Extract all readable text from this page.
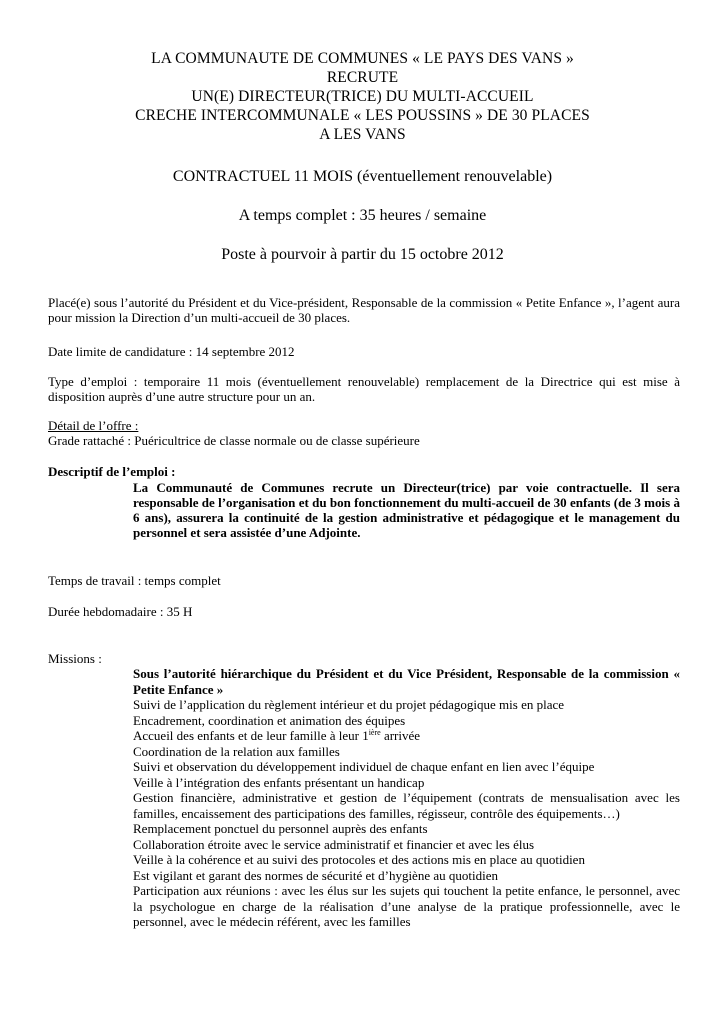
LA COMMUNAUTE DE COMMUNES « LE PAYS DES VANS »
RECRUTE
UN(E) DIRECTEUR(TRICE) DU MULTI-ACCUEIL
CRECHE INTERCOMMUNALE « LES POUSSINS » DE 30 PLACES
A LES VANS
CONTRACTUEL 11 MOIS (éventuellement renouvelable)
A temps complet : 35 heures / semaine
Poste à pourvoir à partir du 15 octobre 2012
Placé(e) sous l’autorité du Président et du Vice-président, Responsable de la commission « Petite Enfance », l’agent aura pour mission la Direction d’un multi-accueil de 30 places.
Date limite de candidature : 14 septembre 2012
Type d’emploi : temporaire 11 mois (éventuellement renouvelable) remplacement de la Directrice qui est mise à disposition auprès d’une autre structure pour un an.
Détail de l’offre :
Grade rattaché : Puéricultrice de classe normale ou de classe supérieure
Descriptif de l’emploi :
La Communauté de Communes recrute un Directeur(trice) par voie contractuelle. Il sera responsable de l’organisation et du bon fonctionnement du multi-accueil de 30 enfants (de 3 mois à 6 ans), assurera la continuité de la gestion administrative et pédagogique et le management du personnel et sera assistée d’une Adjointe.
Temps de travail : temps complet
Durée hebdomadaire : 35 H
Missions :
Sous l’autorité hiérarchique du Président et du Vice Président, Responsable de la commission « Petite Enfance »
Suivi de l’application du règlement intérieur et du projet pédagogique mis en place
Encadrement, coordination et animation des équipes
Accueil des enfants et de leur famille à leur $1^{ière}$ arrivée
Coordination de la relation aux familles
Suivi et observation du développement individuel de chaque enfant en lien avec l’équipe
Veille à l’intégration des enfants présentant un handicap
Gestion financière, administrative et gestion de l’équipement (contrats de mensualisation avec les familles, encaissement des participations des familles, régisseur, contrôle des équipements…)
Remplacement ponctuel du personnel auprès des enfants
Collaboration étroite avec le service administratif et financier et avec les élus
Veille à la cohérence et au suivi des protocoles et des actions mis en place au quotidien
Est vigilant et garant des normes de sécurité et d’hygiène au quotidien
Participation aux réunions : avec les élus sur les sujets qui touchent la petite enfance, le personnel, avec la psychologue en charge de la réalisation d’une analyse de la pratique professionnelle, avec le personnel, avec le médecin référent, avec les familles
